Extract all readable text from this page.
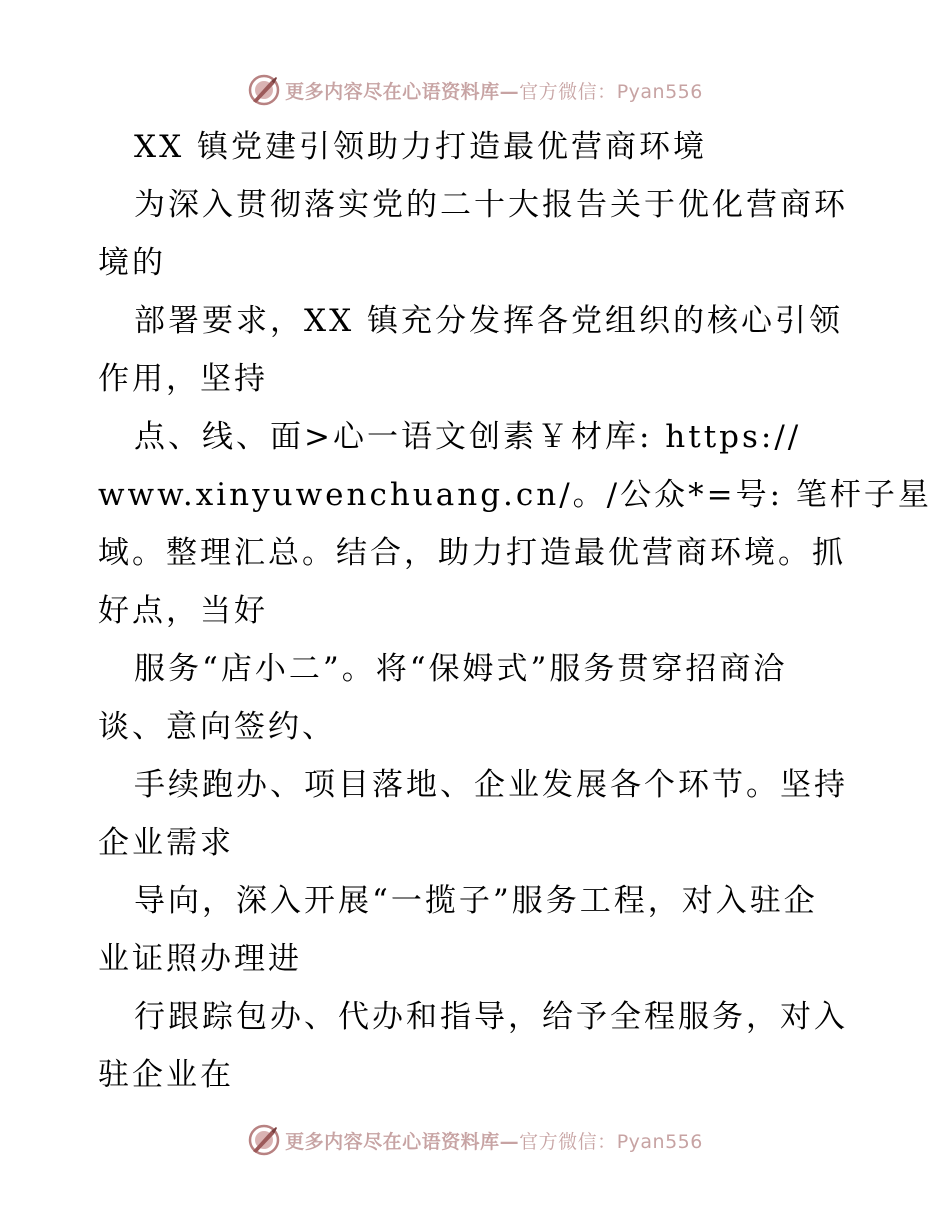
更多内容尽在心语资料库—官方微信：Pyan556
XX 镇党建引领助力打造最优营商环境
为深入贯彻落实党的二十大报告关于优化营商环
境的
部署要求，XX 镇充分发挥各党组织的核心引领
作用，坚持
点、线、面>心一语文创素￥材库: https://
www.xinyuwenchuang.cn/。/公众*=号: 笔杆子星
域。整理汇总。结合，助力打造最优营商环境。抓
好点，当好
服务“店小二”。将“保姆式”服务贯穿招商洽
谈、意向签约、
手续跑办、项目落地、企业发展各个环节。坚持
企业需求
导向，深入开展“一揽子”服务工程，对入驻企
业证照办理进
行跟踪包办、代办和指导，给予全程服务，对入
驻企业在
更多内容尽在心语资料库—官方微信：Pyan556
